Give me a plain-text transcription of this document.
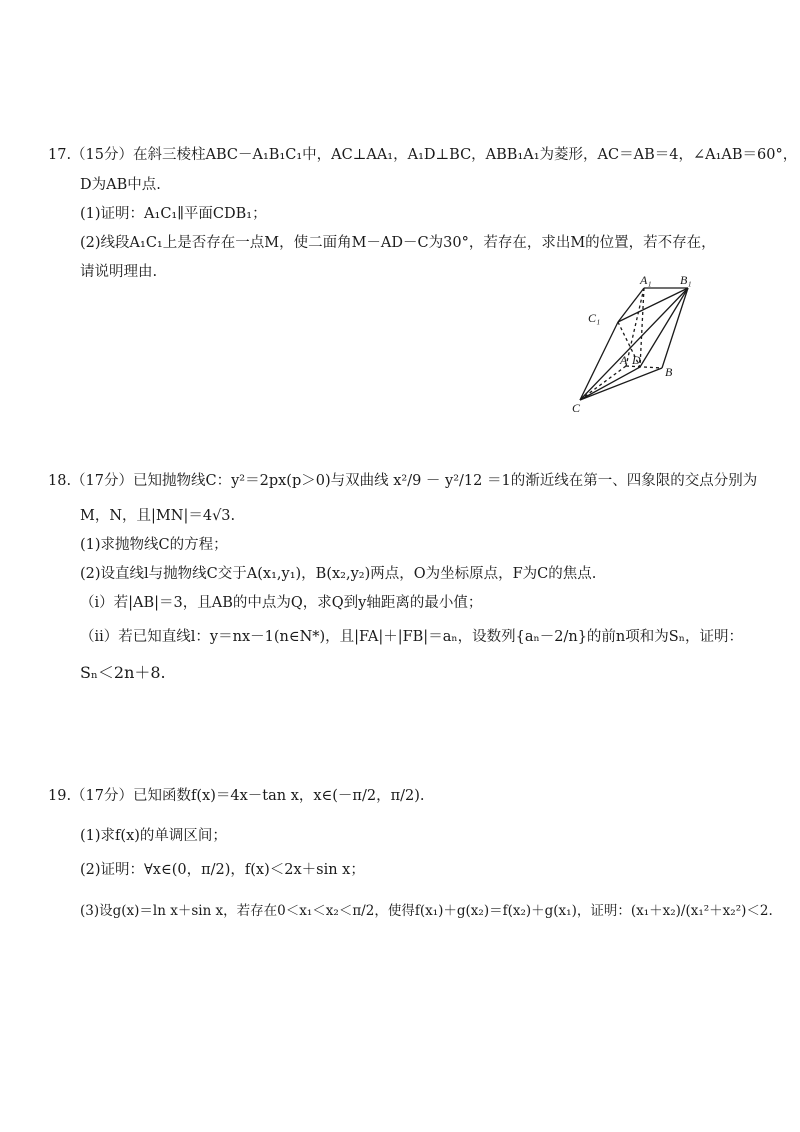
17.（15分）在斜三棱柱ABC－A₁B₁C₁中，AC⊥AA₁，A₁D⊥BC，ABB₁A₁为菱形，AC＝AB＝4，∠A₁AB＝60°，
D为AB中点.
(1)证明：A₁C₁∥平面CDB₁；
(2)线段A₁C₁上是否存在一点M，使二面角M－AD－C为30°，若存在，求出M的位置，若不存在，
请说明理由.	A₁ B₁
C₁
A D
B
C
18.（17分）已知抛物线C：y²＝2px(p＞0)与双曲线 x²/9 － y²/12 ＝1的渐近线在第一、四象限的交点分别为
M，N，且|MN|＝4√3.
(1)求抛物线C的方程；
(2)设直线l与抛物线C交于A(x₁,y₁)，B(x₂,y₂)两点，O为坐标原点，F为C的焦点.
（i）若|AB|＝3，且AB的中点为Q，求Q到y轴距离的最小值；
（ii）若已知直线l：y＝nx－1(n∈N*)，且|FA|＋|FB|＝aₙ，设数列{aₙ－2/n}的前n项和为Sₙ，证明：
Sₙ＜2n＋8.
19.（17分）已知函数f(x)＝4x－tan x，x∈(－π/2，π/2).
(1)求f(x)的单调区间；
(2)证明：∀x∈(0，π/2)，f(x)＜2x＋sin x；
(3)设g(x)＝ln x＋sin x，若存在0＜x₁＜x₂＜π/2，使得f(x₁)＋g(x₂)＝f(x₂)＋g(x₁)，证明：(x₁＋x₂)/(x₁²＋x₂²)＜2.
